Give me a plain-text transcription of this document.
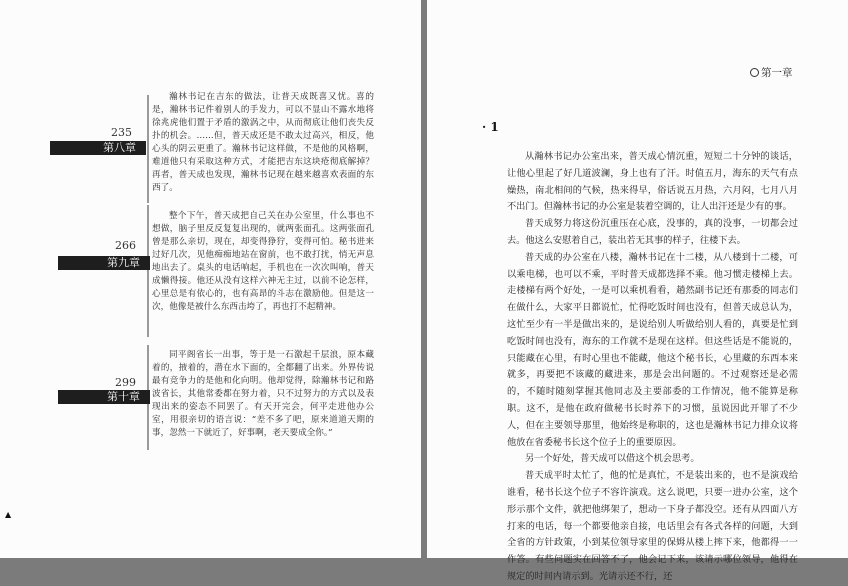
235
第八章

瀚林书记在吉东的做法，让普天成既喜又忧。喜的是，瀚林书记件着别人的手发力，可以不显山不露水地将徐兆虎他们置于矛盾的激涡之中，从而彻底让他们丧失反扑的机会。……但，普天成还是不敢太过高兴，相反，他心头的阴云更重了。瀚林书记这样做，不是他的风格啊，难道他只有采取这种方式，才能把吉东这块疮彻底解掉？再者，普天成也发现，瀚林书记现在越来越喜欢表面的东西了。

266
第九章

整个下午，普天成把自己关在办公室里，什么事也不想做，脑子里反反复复出现的，就两张面孔。这两张面孔曾是那么亲切，现在，却变得狰狞，变得可怕。秘书进来过好几次，见他痴痴地站在窗前，也不敢打扰，悄无声息地出去了。桌头的电话响起，手机也在一次次叫响，普天成懒得接。他还从没有这样六神无主过，以前不论怎样，心里总是有依心的，也有高昂的斗志在激励他。但是这一次，他像是被什么东西击垮了，再也打不起精神。

299
第十章

同平阁省长一出事，等于是一石激起千层浪，原本藏着的，掖着的，潜在水下面的，全都翻了出来。外界传说最有竞争力的是他和化向明。他却觉得，除瀚林书记和路波省长，其他常委都在努力着，只不过努力的方式以及表现出来的姿态不同罢了。有天开完会，何平走进他办公室，用很亲切的语言说：“差不多了吧，原来道道天期的事，忽然一下就近了，好事啊，老天要成全你。”

▲
第一章
· 1

从瀚林书记办公室出来，普天成心情沉重，短短二十分钟的谈话，让他心里起了好几道波澜，身上也有了汗。时值五月，海东的天气有点燥热，南北相间的气候，热来得早，俗话说五月热，六月闷，七月八月不出门。但瀚林书记的办公室是装着空调的，让人出汗还是少有的事。

普天成努力将这份沉重压在心底，没事的，真的没事，一切都会过去。他这么安慰着自己，装出若无其事的样子，往楼下去。

普天成的办公室在八楼，瀚林书记在十二楼，从八楼到十二楼，可以乘电梯，也可以不乘，平时普天成都选择不乘。他习惯走楼梯上去。走楼梯有两个好处，一是可以乘机看看，趟然副书记还有那委的同志们在做什么，大家平日都说忙，忙得吃饭时间也没有，但普天成总认为，这忙至少有一半是做出来的，是说给别人听做给别人看的，真要是忙到吃饭时间也没有，海东的工作就不是现在这样。但这些话是不能说的，只能藏在心里，有时心里也不能藏，他这个秘书长，心里藏的东西本来就多，再要把不该藏的藏进来，那是会出问题的。不过观察还是必需的，不随时随刻掌握其他同志及主要部委的工作情况，他不能算是称职。这不，是他在政府做秘书长时养下的习惯，虽说因此开罪了不少人，但在主要领导那里，他始终是称职的，这也是瀚林书记力排众议将他放在省委秘书长这个位子上的重要原因。

另一个好处，普天成可以借这个机会思考。

普天成平时太忙了，他的忙是真忙，不是装出来的，也不是演戏给谁看，秘书长这个位子不容许演戏。这么说吧，只要一进办公室，这个形示那个文件，就把他绑架了，想动一下身子都没空。还有从四面八方打来的电话，每一个都要他亲自接，电话里会有各式各样的问题，大到全省的方针政策，小到某位领导家里的保姆从楼上摔下来，他都得一一作答。有些问题实在回答不了，他会记下来，该请示哪位领导，他得在规定的时间内请示到。光请示还不行，还
